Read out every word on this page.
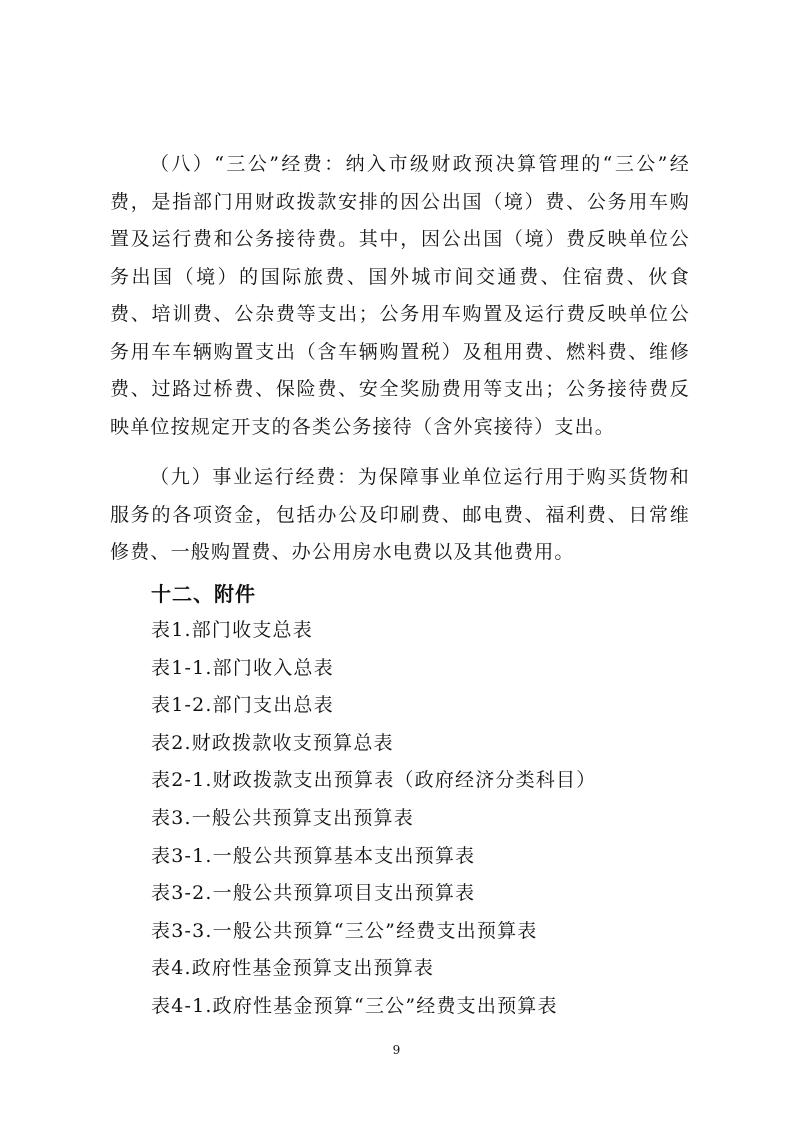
（八）“三公”经费：纳入市级财政预决算管理的“三公”经费，是指部门用财政拨款安排的因公出国（境）费、公务用车购置及运行费和公务接待费。其中，因公出国（境）费反映单位公务出国（境）的国际旅费、国外城市间交通费、住宿费、伙食费、培训费、公杂费等支出；公务用车购置及运行费反映单位公务用车车辆购置支出（含车辆购置税）及租用费、燃料费、维修费、过路过桥费、保险费、安全奖励费用等支出；公务接待费反映单位按规定开支的各类公务接待（含外宾接待）支出。

（九）事业运行经费：为保障事业单位运行用于购买货物和服务的各项资金，包括办公及印刷费、邮电费、福利费、日常维修费、一般购置费、办公用房水电费以及其他费用。

十二、附件
表1.部门收支总表
表1-1.部门收入总表
表1-2.部门支出总表
表2.财政拨款收支预算总表
表2-1.财政拨款支出预算表（政府经济分类科目）
表3.一般公共预算支出预算表
表3-1.一般公共预算基本支出预算表
表3-2.一般公共预算项目支出预算表
表3-3.一般公共预算“三公”经费支出预算表
表4.政府性基金预算支出预算表
表4-1.政府性基金预算“三公”经费支出预算表
9
